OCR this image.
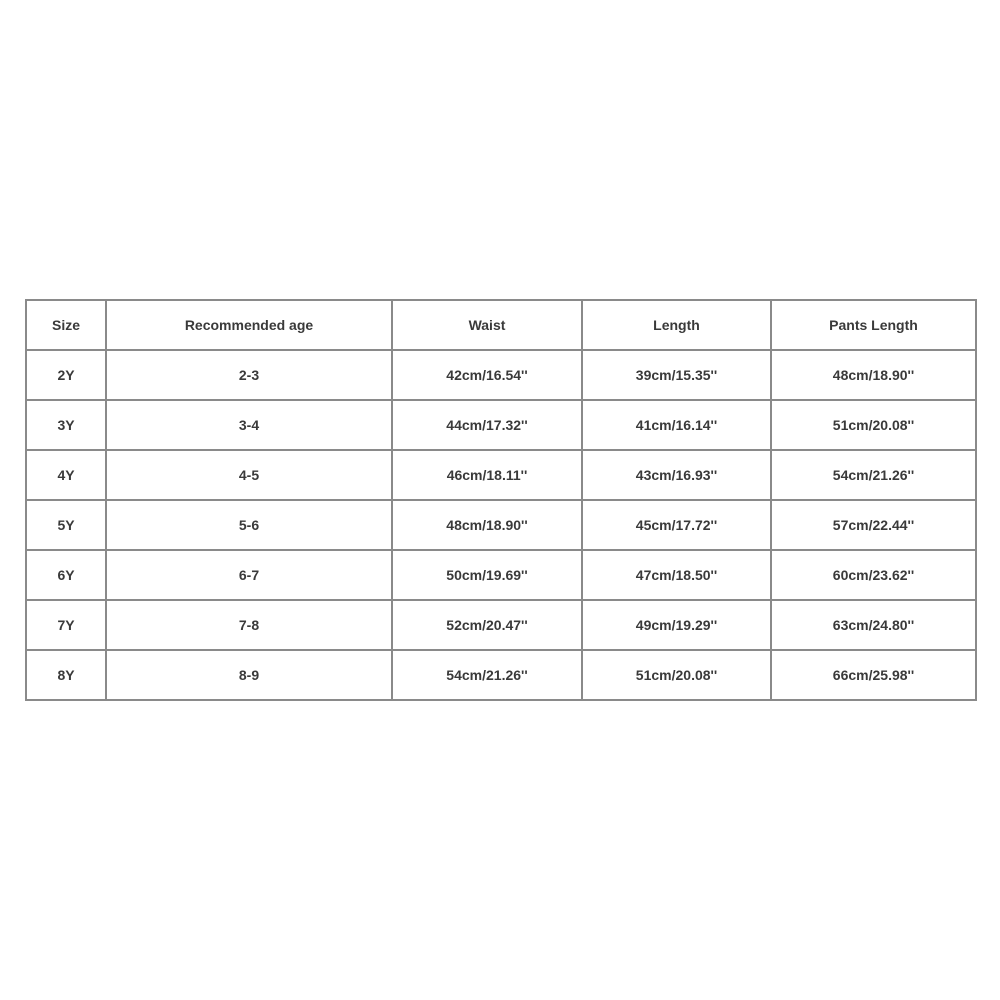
Size	Recommended age	Waist	Length	Pants Length
2Y	2-3	42cm/16.54''	39cm/15.35''	48cm/18.90''
3Y	3-4	44cm/17.32''	41cm/16.14''	51cm/20.08''
4Y	4-5	46cm/18.11''	43cm/16.93''	54cm/21.26''
5Y	5-6	48cm/18.90''	45cm/17.72''	57cm/22.44''
6Y	6-7	50cm/19.69''	47cm/18.50''	60cm/23.62''
7Y	7-8	52cm/20.47''	49cm/19.29''	63cm/24.80''
8Y	8-9	54cm/21.26''	51cm/20.08''	66cm/25.98''
